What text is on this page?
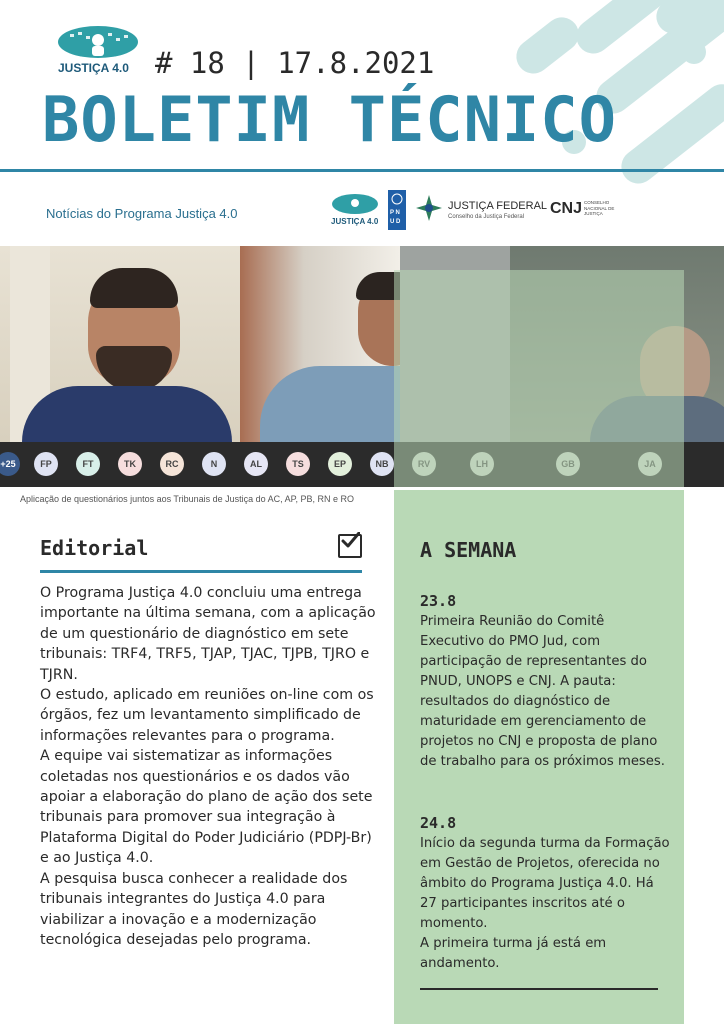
JUSTIÇA 4.0 # 18 | 17.8.2021
BOLETIM TÉCNICO
Notícias do Programa Justiça 4.0
JUSTIÇA 4.0
P N
U D
JUSTIÇA FEDERAL
Conselho da Justiça Federal CNJ CONSELHO NACIONAL DE JUSTIÇA
+25	FP	FT	TK	RC	N	AL	TS	EP	NB
Aplicação de questionários juntos aos Tribunais de Justiça do AC, AP, PB, RN e RO
Editorial

O Programa Justiça 4.0 concluiu uma entrega importante na última semana, com a aplicação de um questionário de diagnóstico em sete tribunais: TRF4, TRF5, TJAP, TJAC, TJPB, TJRO e TJRN.

O estudo, aplicado em reuniões on-line com os órgãos, fez um levantamento simplificado de informações relevantes para o programa.

A equipe vai sistematizar as informações coletadas nos questionários e os dados vão apoiar a elaboração do plano de ação dos sete tribunais para promover sua integração à Plataforma Digital do Poder Judiciário (PDPJ-Br) e ao Justiça 4.0.

A pesquisa busca conhecer a realidade dos tribunais integrantes do Justiça 4.0 para viabilizar a inovação e a modernização tecnológica desejadas pelo programa.

A SEMANA
23.8
Primeira Reunião do Comitê Executivo do PMO Jud, com participação de representantes do PNUD, UNOPS e CNJ. A pauta: resultados do diagnóstico de maturidade em gerenciamento de projetos no CNJ e proposta de plano de trabalho para os próximos meses.
24.8
Início da segunda turma da Formação em Gestão de Projetos, oferecida no âmbito do Programa Justiça 4.0. Há 27 participantes inscritos até o momento.
A primeira turma já está em andamento.
